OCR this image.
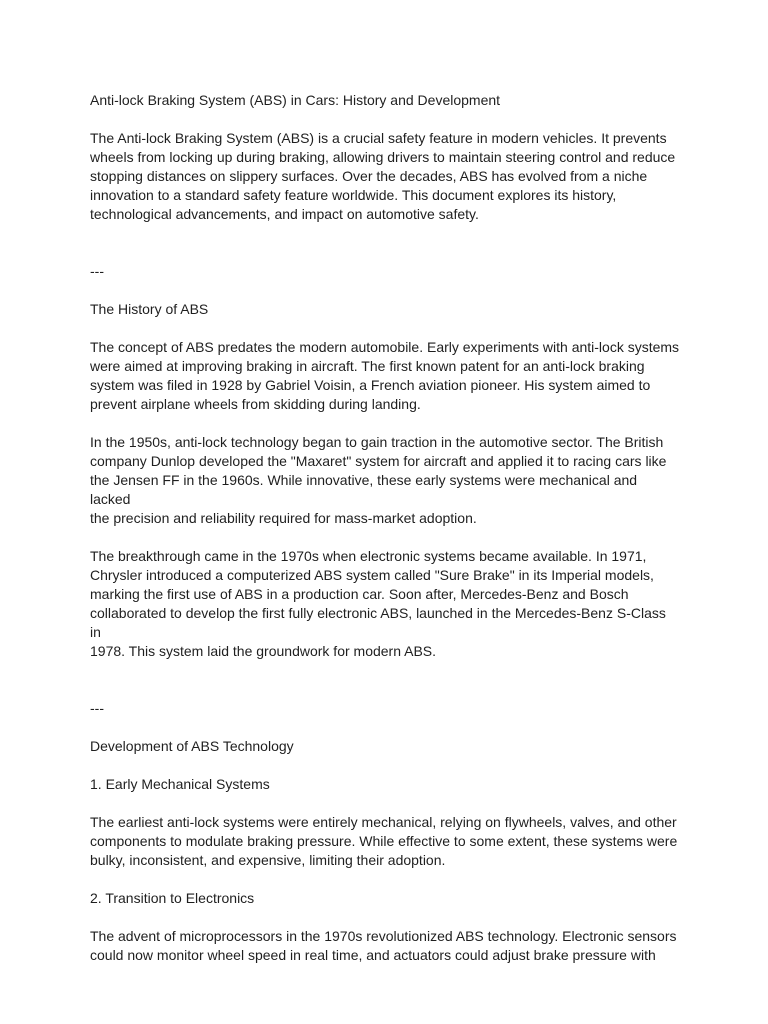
Anti-lock Braking System (ABS) in Cars: History and Development

The Anti-lock Braking System (ABS) is a crucial safety feature in modern vehicles. It prevents
wheels from locking up during braking, allowing drivers to maintain steering control and reduce
stopping distances on slippery surfaces. Over the decades, ABS has evolved from a niche
innovation to a standard safety feature worldwide. This document explores its history,
technological advancements, and impact on automotive safety.

---

The History of ABS

The concept of ABS predates the modern automobile. Early experiments with anti-lock systems
were aimed at improving braking in aircraft. The first known patent for an anti-lock braking
system was filed in 1928 by Gabriel Voisin, a French aviation pioneer. His system aimed to
prevent airplane wheels from skidding during landing.

In the 1950s, anti-lock technology began to gain traction in the automotive sector. The British
company Dunlop developed the "Maxaret" system for aircraft and applied it to racing cars like
the Jensen FF in the 1960s. While innovative, these early systems were mechanical and lacked
the precision and reliability required for mass-market adoption.

The breakthrough came in the 1970s when electronic systems became available. In 1971,
Chrysler introduced a computerized ABS system called "Sure Brake" in its Imperial models,
marking the first use of ABS in a production car. Soon after, Mercedes-Benz and Bosch
collaborated to develop the first fully electronic ABS, launched in the Mercedes-Benz S-Class in
1978. This system laid the groundwork for modern ABS.

---

Development of ABS Technology

1. Early Mechanical Systems

The earliest anti-lock systems were entirely mechanical, relying on flywheels, valves, and other
components to modulate braking pressure. While effective to some extent, these systems were
bulky, inconsistent, and expensive, limiting their adoption.

2. Transition to Electronics

The advent of microprocessors in the 1970s revolutionized ABS technology. Electronic sensors
could now monitor wheel speed in real time, and actuators could adjust brake pressure with
